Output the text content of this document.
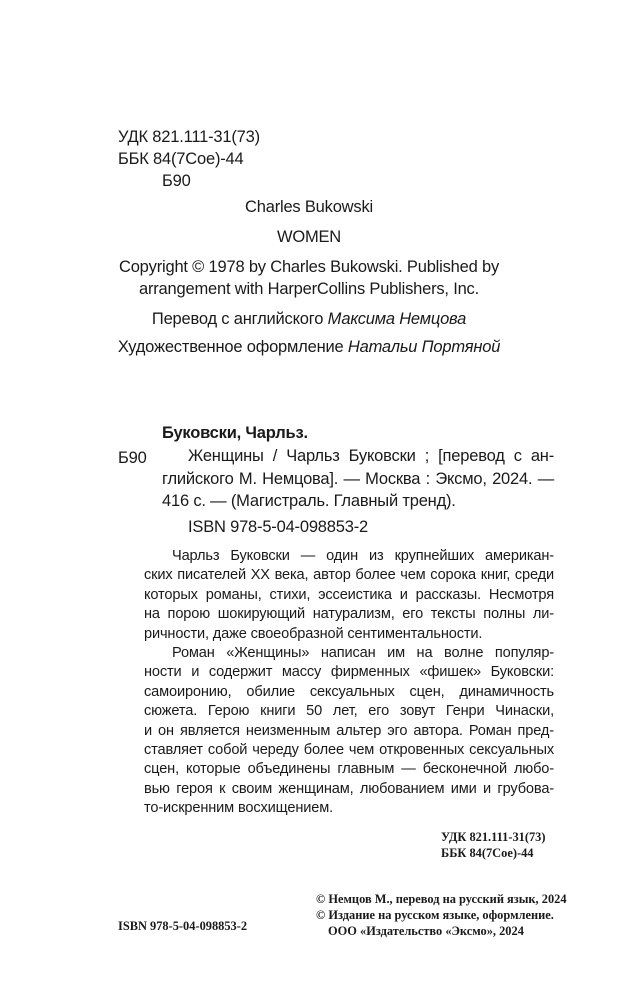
УДК 821.111-31(73)
ББК 84(7Сое)-44
Б90
Charles Bukowski
WOMEN
Copyright © 1978 by Charles Bukowski. Published by
arrangement with HarperCollins Publishers, Inc.
Перевод с английского Максима Немцова
Художественное оформление Натальи Портяной
Буковски, Чарльз.
Б90	Женщины / Чарльз Буковски ; [перевод с ан-
глийского М. Немцова]. — Москва : Эксмо, 2024. —
416 с. — (Магистраль. Главный тренд).
ISBN 978-5-04-098853-2
Чарльз Буковски — один из крупнейших американ-
ских писателей XX века, автор более чем сорока книг, среди
которых романы, стихи, эссеистика и рассказы. Несмотря
на порою шокирующий натурализм, его тексты полны ли-
ричности, даже своеобразной сентиментальности.
Роман «Женщины» написан им на волне популяр-
ности и содержит массу фирменных «фишек» Буковски:
самоиронию, обилие сексуальных сцен, динамичность
сюжета. Герою книги 50 лет, его зовут Генри Чинаски,
и он является неизменным альтер эго автора. Роман пред-
ставляет собой череду более чем откровенных сексуальных
сцен, которые объединены главным — бесконечной любо-
вью героя к своим женщинам, любованием ими и грубова-
то-искренним восхищением.
УДК 821.111-31(73)
ББК 84(7Сое)-44
© Немцов М., перевод на русский язык, 2024
© Издание на русском языке, оформление.
ООО «Издательство «Эксмо», 2024
ISBN 978-5-04-098853-2
